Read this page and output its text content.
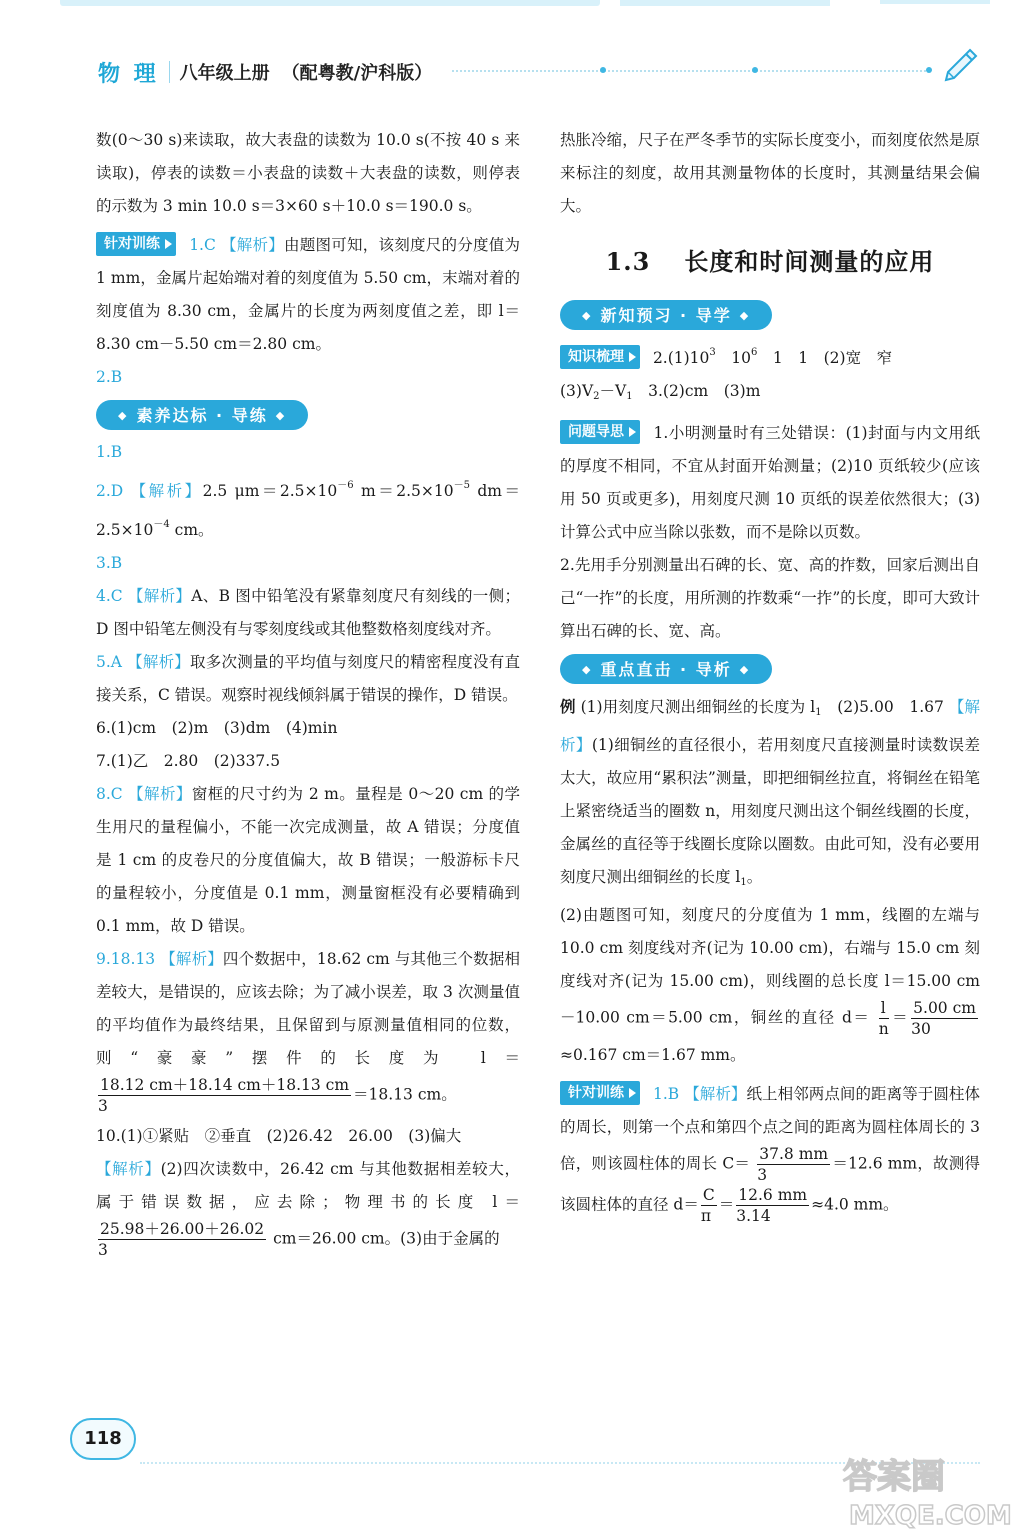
物 理 八年级上册 （配粤教/沪科版）

数(0～30 s)来读取，故大表盘的读数为 10.0 s(不按 40 s 来读取)，停表的读数＝小表盘的读数＋大表盘的读数，则停表的示数为 3 min 10.0 s＝3×60 s＋10.0 s＝190.0 s。

针对训练 1.C 【解析】由题图可知，该刻度尺的分度值为 1 mm，金属片起始端对着的刻度值为 5.50 cm，末端对着的刻度值为 8.30 cm，金属片的长度为两刻度值之差，即 l＝8.30 cm－5.50 cm＝2.80 cm。

2.B

◆ 素养达标 · 导练 ◆

1.B

2.D 【解析】2.5 $\mu m=2.5\times 10^{-6}$ $m=2.5\times 10^{-5}$ $dm=2.5\times 10^{-4}$ cm。

3.B

4.C 【解析】A、B 图中铅笔没有紧靠刻度尺有刻线的一侧；D 图中铅笔左侧没有与零刻度线或其他整数格刻度线对齐。

5.A 【解析】取多次测量的平均值与刻度尺的精密程度没有直接关系，C 错误。观察时视线倾斜属于错误的操作，D 错误。

6.(1)cm　(2)m　(3)dm　(4)min

7.(1)乙　2.80　(2)337.5

8.C 【解析】窗框的尺寸约为 2 m。量程是 0～20 cm 的学生用尺的量程偏小，不能一次完成测量，故 A 错误；分度值是 1 cm 的皮卷尺的分度值偏大，故 B 错误；一般游标卡尺的量程较小，分度值是 0.1 mm，测量窗框没有必要精确到 0.1 mm，故 D 错误。

9.18.13 【解析】四个数据中，18.62 cm 与其他三个数据相差较大，是错误的，应该去除；为了减小误差，取 3 次测量值的平均值作为最终结果，且保留到与原测量值相同的位数，则“豪豪”摆件的长度为 l＝
$\frac{18.12 cm+18.14 cm+18.13 cm}{3} =18.13$ cm。

10.(1)①紧贴　②垂直　(2)26.42　26.00　(3)偏大

【解析】(2)四次读数中，26.42 cm 与其他数据相差较大，属于错误数据，应去除；物理书的长度 l＝
$\frac{25.98+26.00+26.02}{3} cm=26.00$ cm。(3)由于金属的

热胀冷缩，尺子在严冬季节的实际长度变小，而刻度依然是原来标注的刻度，故用其测量物体的长度时，其测量结果会偏大。

1.3 长度和时间测量的应用
◆ 新知预习 · 导学 ◆

知识梳理 $2.(1)10^3$　$10^6$　1　1　(2)宽　窄

$(3)V_2-V_1$　3.(2)cm　(3)m

问题导思 1.小明测量时有三处错误：(1)封面与内文用纸的厚度不相同，不宜从封面开始测量；(2)10 页纸较少(应该用 50 页或更多)，用刻度尺测 10 页纸的误差依然很大；(3)计算公式中应当除以张数，而不是除以页数。

2.先用手分别测量出石碑的长、宽、高的拃数，回家后测出自己“一拃”的长度，用所测的拃数乘“一拃”的长度，即可大致计算出石碑的长、宽、高。

◆ 重点直击 · 导析 ◆

例 (1)用刻度尺测出细铜丝的长度为 $l_1$　(2)5.00　1.67 【解析】(1)细铜丝的直径很小，若用刻度尺直接测量时读数误差太大，故应用“累积法”测量，即把细铜丝拉直，将铜丝在铅笔上紧密绕适当的圈数 n，用刻度尺测出这个铜丝线圈的长度，金属丝的直径等于线圈长度除以圈数。由此可知，没有必要用刻度尺测出细铜丝的长度 $l_1$。

(2)由题图可知，刻度尺的分度值为 1 mm，线圈的左端与 10.0 cm 刻度线对齐(记为 10.00 cm)，右端与 15.0 cm 刻度线对齐(记为 15.00 cm)，则线圈的总长度 l＝15.00 cm－10.00 cm＝5.00 cm，铜丝的直径 $d= \frac{l}{n} = \frac{5.00 cm}{30}$
≈0.167 cm＝1.67 mm。

针对训练 1.B 【解析】纸上相邻两点间的距离等于圆柱体的周长，则第一个点和第四个点之间的距离为圆柱体周长的 3 倍，则该圆柱体的周长 $C= \frac{37.8 mm}{3} =12.6$ mm，故测得该圆柱体的直径 $d= \frac{C}{\pi} = \frac{12.6 mm}{3.14} \approx 4.0$ mm。

118
答案圈
MXQE.COM
